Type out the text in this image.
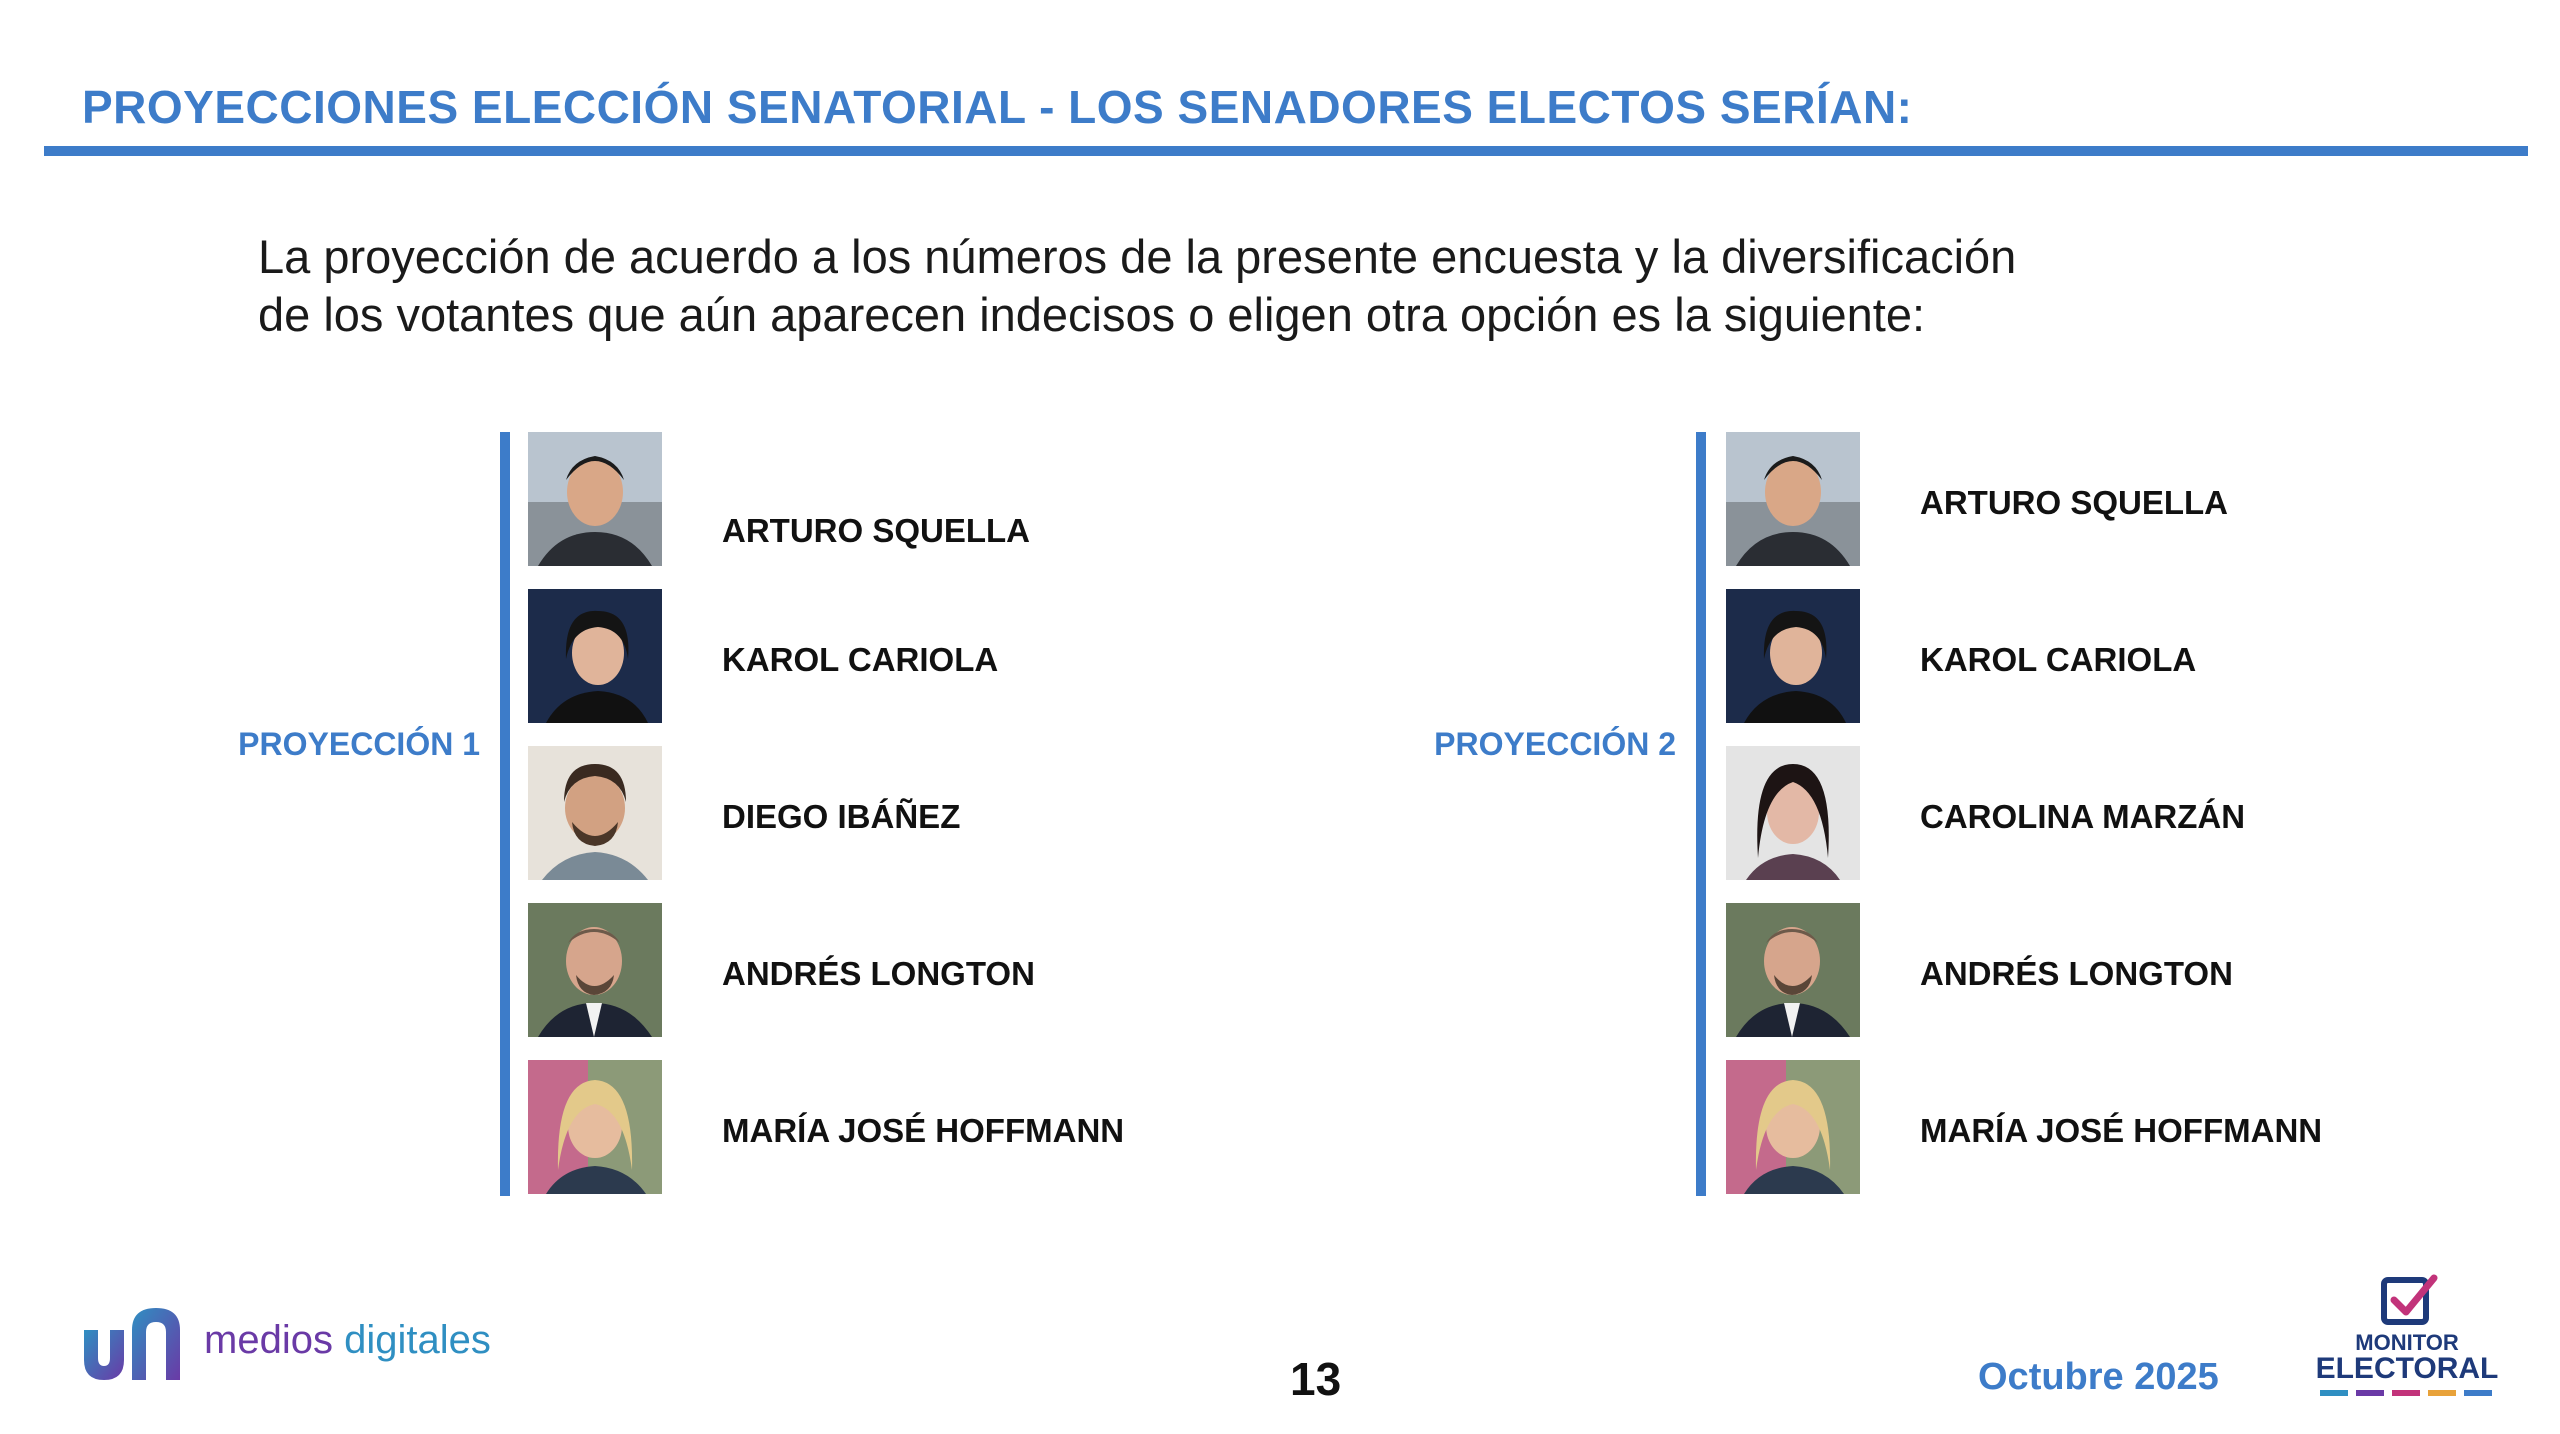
PROYECCIONES ELECCIÓN SENATORIAL - LOS SENADORES ELECTOS SERÍAN:
La proyección de acuerdo a los números de la presente encuesta y la diversificación
de los votantes que aún aparecen indecisos o eligen otra opción es la siguiente:
PROYECCIÓN 1
ARTURO SQUELLA
KAROL CARIOLA
DIEGO IBÁÑEZ
ANDRÉS LONGTON
MARÍA JOSÉ HOFFMANN
PROYECCIÓN 2
ARTURO SQUELLA
KAROL CARIOLA
CAROLINA MARZÁN
ANDRÉS LONGTON
MARÍA JOSÉ HOFFMANN
medios digitales
13	Octubre 2025
MONITOR
ELECTORAL
